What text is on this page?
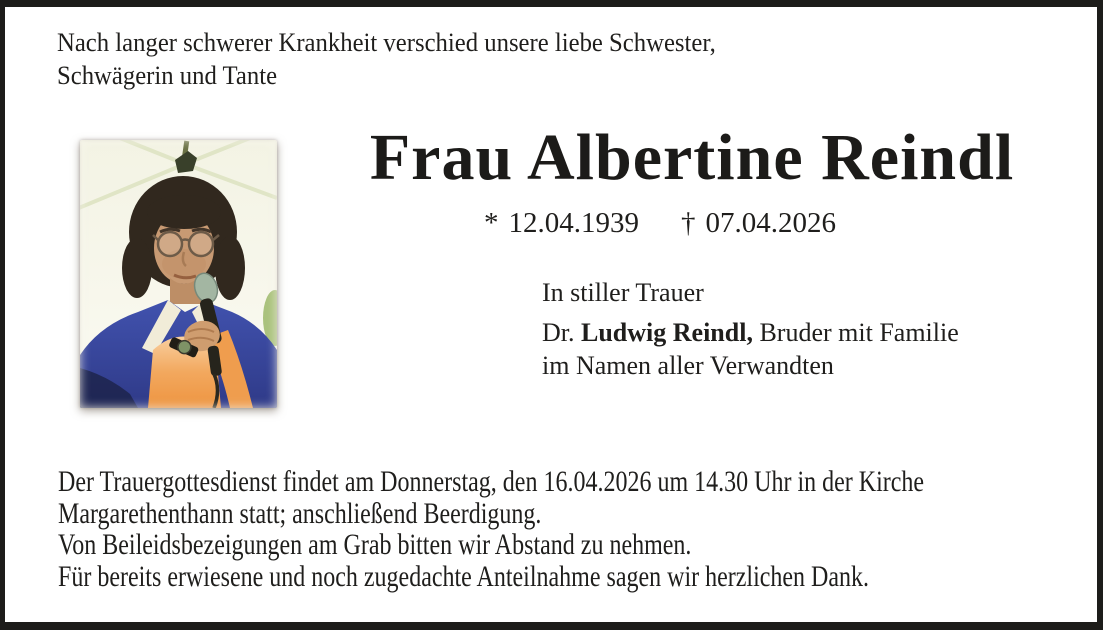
Nach langer schwerer Krankheit verschied unsere liebe Schwester,
Schwägerin und Tante
Frau Albertine Reindl
* 12.04.1939 † 07.04.2026
In stiller Trauer
Dr. Ludwig Reindl, Bruder mit Familie
im Namen aller Verwandten
Der Trauergottesdienst findet am Donnerstag, den 16.04.2026 um 14.30 Uhr in der Kirche
Margarethenthann statt; anschließend Beerdigung.
Von Beileidsbezeigungen am Grab bitten wir Abstand zu nehmen.
Für bereits erwiesene und noch zugedachte Anteilnahme sagen wir herzlichen Dank.
